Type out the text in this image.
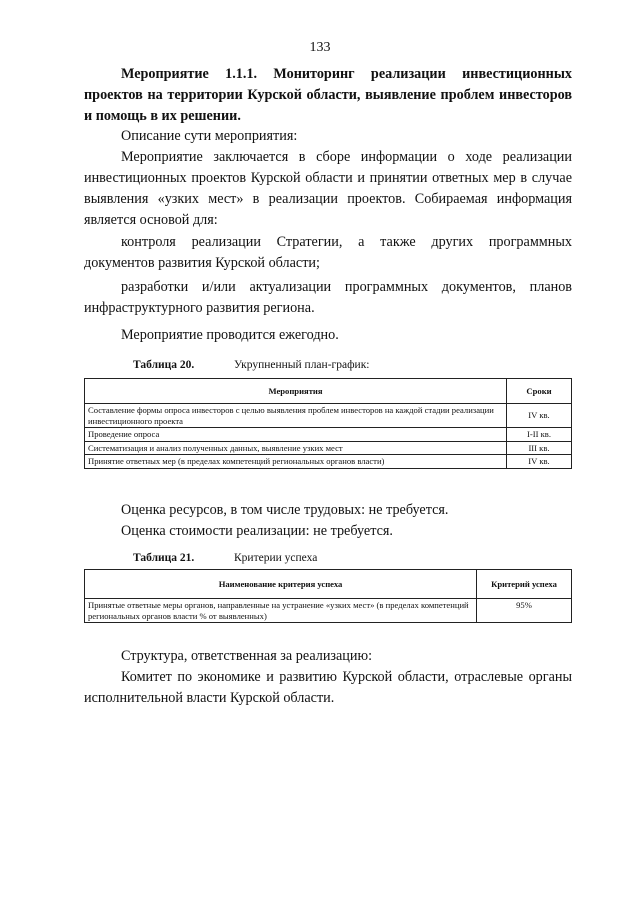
133
Мероприятие 1.1.1. Мониторинг реализации инвестиционных проектов на территории Курской области, выявление проблем инвесторов и помощь в их решении.

Описание сути мероприятия:

Мероприятие заключается в сборе информации о ходе реализации инвестиционных проектов Курской области и принятии ответных мер в случае выявления «узких мест» в реализации проектов. Собираемая информация является основой для:

контроля реализации Стратегии, а также других программных документов развития Курской области;

разработки и/или актуализации программных документов, планов инфраструктурного развития региона.

Мероприятие проводится ежегодно.

Таблица 20.	Укрупненный план-график:
Мероприятия	Сроки
Составление формы опроса инвесторов с целью выявления проблем инвесторов на каждой стадии реализации инвестиционного проекта	IV кв.
Проведение опроса	I-II кв.
Систематизация и анализ полученных данных, выявление узких мест	III кв.
Принятие ответных мер (в пределах компетенций региональных органов власти)	IV кв.

Оценка ресурсов, в том числе трудовых: не требуется.

Оценка стоимости реализации: не требуется.

Таблица 21.	Критерии успеха
Наименование критерия успеха	Критерий успеха
Принятые ответные меры органов, направленные на устранение «узких мест» (в пределах компетенций региональных органов власти % от выявленных)	95%

Структура, ответственная за реализацию:

Комитет по экономике и развитию Курской области, отраслевые органы исполнительной власти Курской области.
